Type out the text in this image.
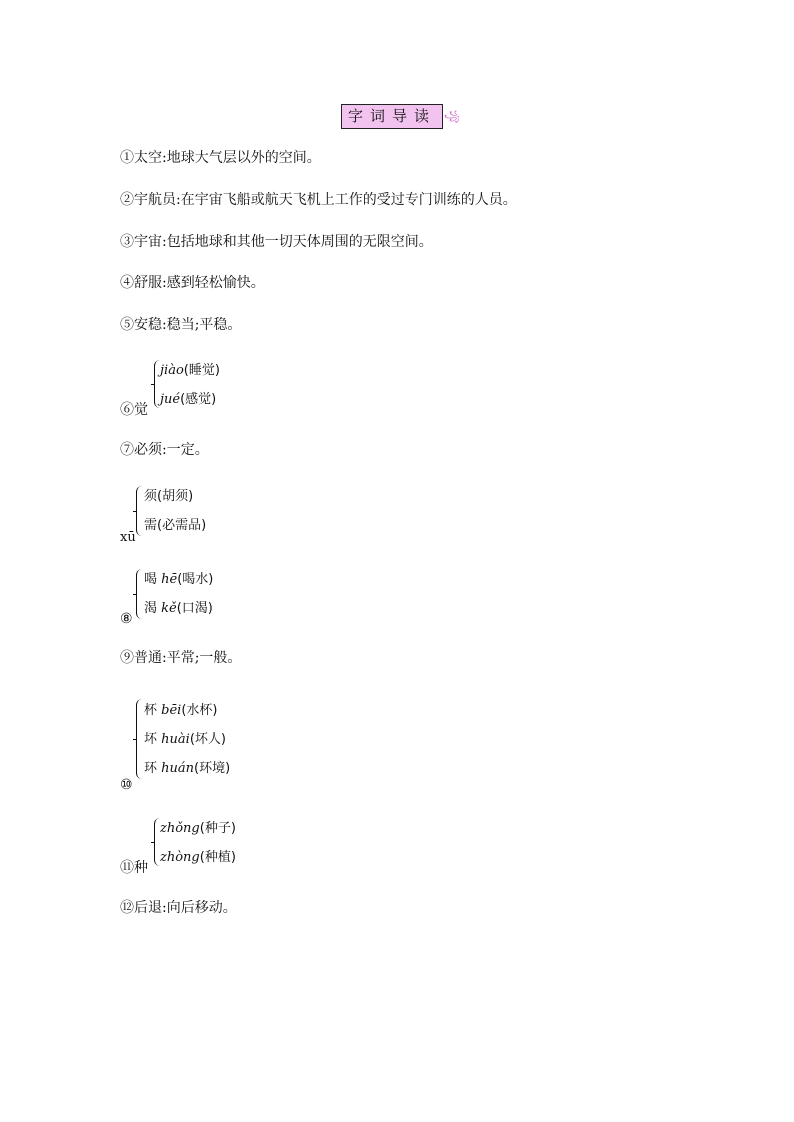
字词导读 ꧁
①太空:地球大气层以外的空间。
②宇航员:在宇宙飞船或航天飞机上工作的受过专门训练的人员。
③宇宙:包括地球和其他一切天体周围的无限空间。
④舒服:感到轻松愉快。
⑤安稳:稳当;平稳。
⑥觉
jiào(睡觉)
jué(感觉)
⑦必须:一定。
xū
须(胡须)
需(必需品)
⑧
喝 hē(喝水)
渴 kě(口渴)
⑨普通:平常;一般。
⑩
杯 bēi(水杯)
坏 huài(坏人)
环 huán(环境)
⑪种
zhǒng(种子)
zhòng(种植)
⑫后退:向后移动。
